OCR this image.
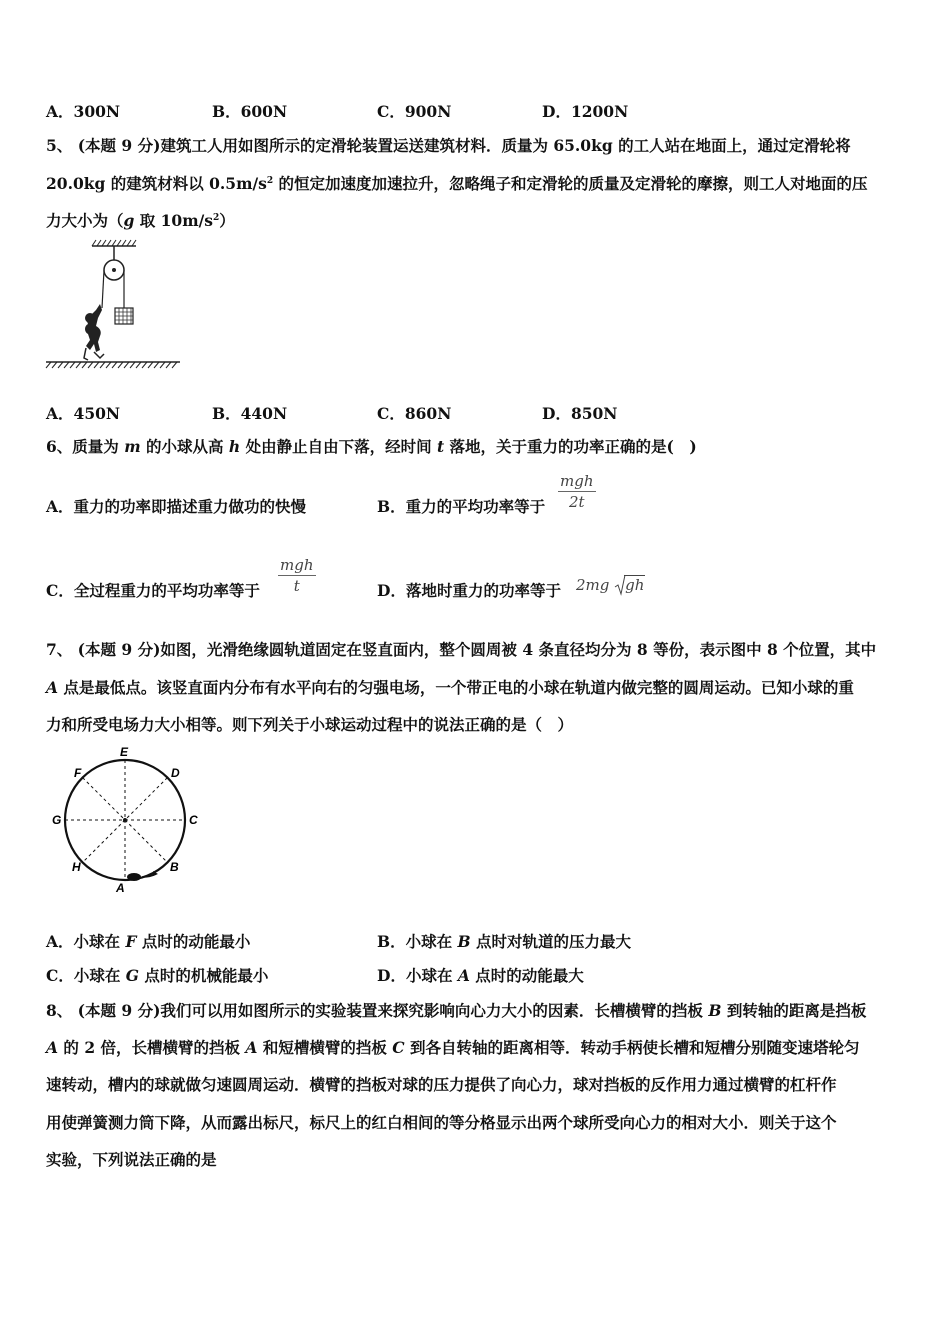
A．300N	B．600N	C．900N	D．1200N
5、 (本题 9 分)建筑工人用如图所示的定滑轮装置运送建筑材料．质量为 65.0kg 的工人站在地面上，通过定滑轮将
20.0kg 的建筑材料以 $0.5m/s^2$ 的恒定加速度加速拉升，忽略绳子和定滑轮的质量及定滑轮的摩擦，则工人对地面的压
力大小为（g 取 $10m/s^2$）
A．450N	B．440N	C．860N	D．850N
6、质量为 m 的小球从高 h 处由静止自由下落，经时间 t 落地，关于重力的功率正确的是(　)
A．重力的功率即描述重力做功的快慢	B．重力的平均功率等于
mgh
2t
C．全过程重力的平均功率等于
mgh
t	D．落地时重力的功率等于 2mg gh
7、 (本题 9 分)如图，光滑绝缘圆轨道固定在竖直面内，整个圆周被 4 条直径均分为 8 等份，表示图中 8 个位置，其中
A 点是最低点。该竖直面内分布有水平向右的匀强电场，一个带正电的小球在轨道内做完整的圆周运动。已知小球的重
力和所受电场力大小相等。则下列关于小球运动过程中的说法正确的是（　）
E
D
F
G	C
H	B
A
A．小球在 F 点时的动能最小	B．小球在 B 点时对轨道的压力最大
C．小球在 G 点时的机械能最小	D．小球在 A 点时的动能最大
8、 (本题 9 分)我们可以用如图所示的实验装置来探究影响向心力大小的因素．长槽横臂的挡板 B 到转轴的距离是挡板
A 的 2 倍，长槽横臂的挡板 A 和短槽横臂的挡板 C 到各自转轴的距离相等．转动手柄使长槽和短槽分别随变速塔轮匀
速转动，槽内的球就做匀速圆周运动．横臂的挡板对球的压力提供了向心力，球对挡板的反作用力通过横臂的杠杆作
用使弹簧测力筒下降，从而露出标尺，标尺上的红白相间的等分格显示出两个球所受向心力的相对大小．则关于这个
实验，下列说法正确的是
